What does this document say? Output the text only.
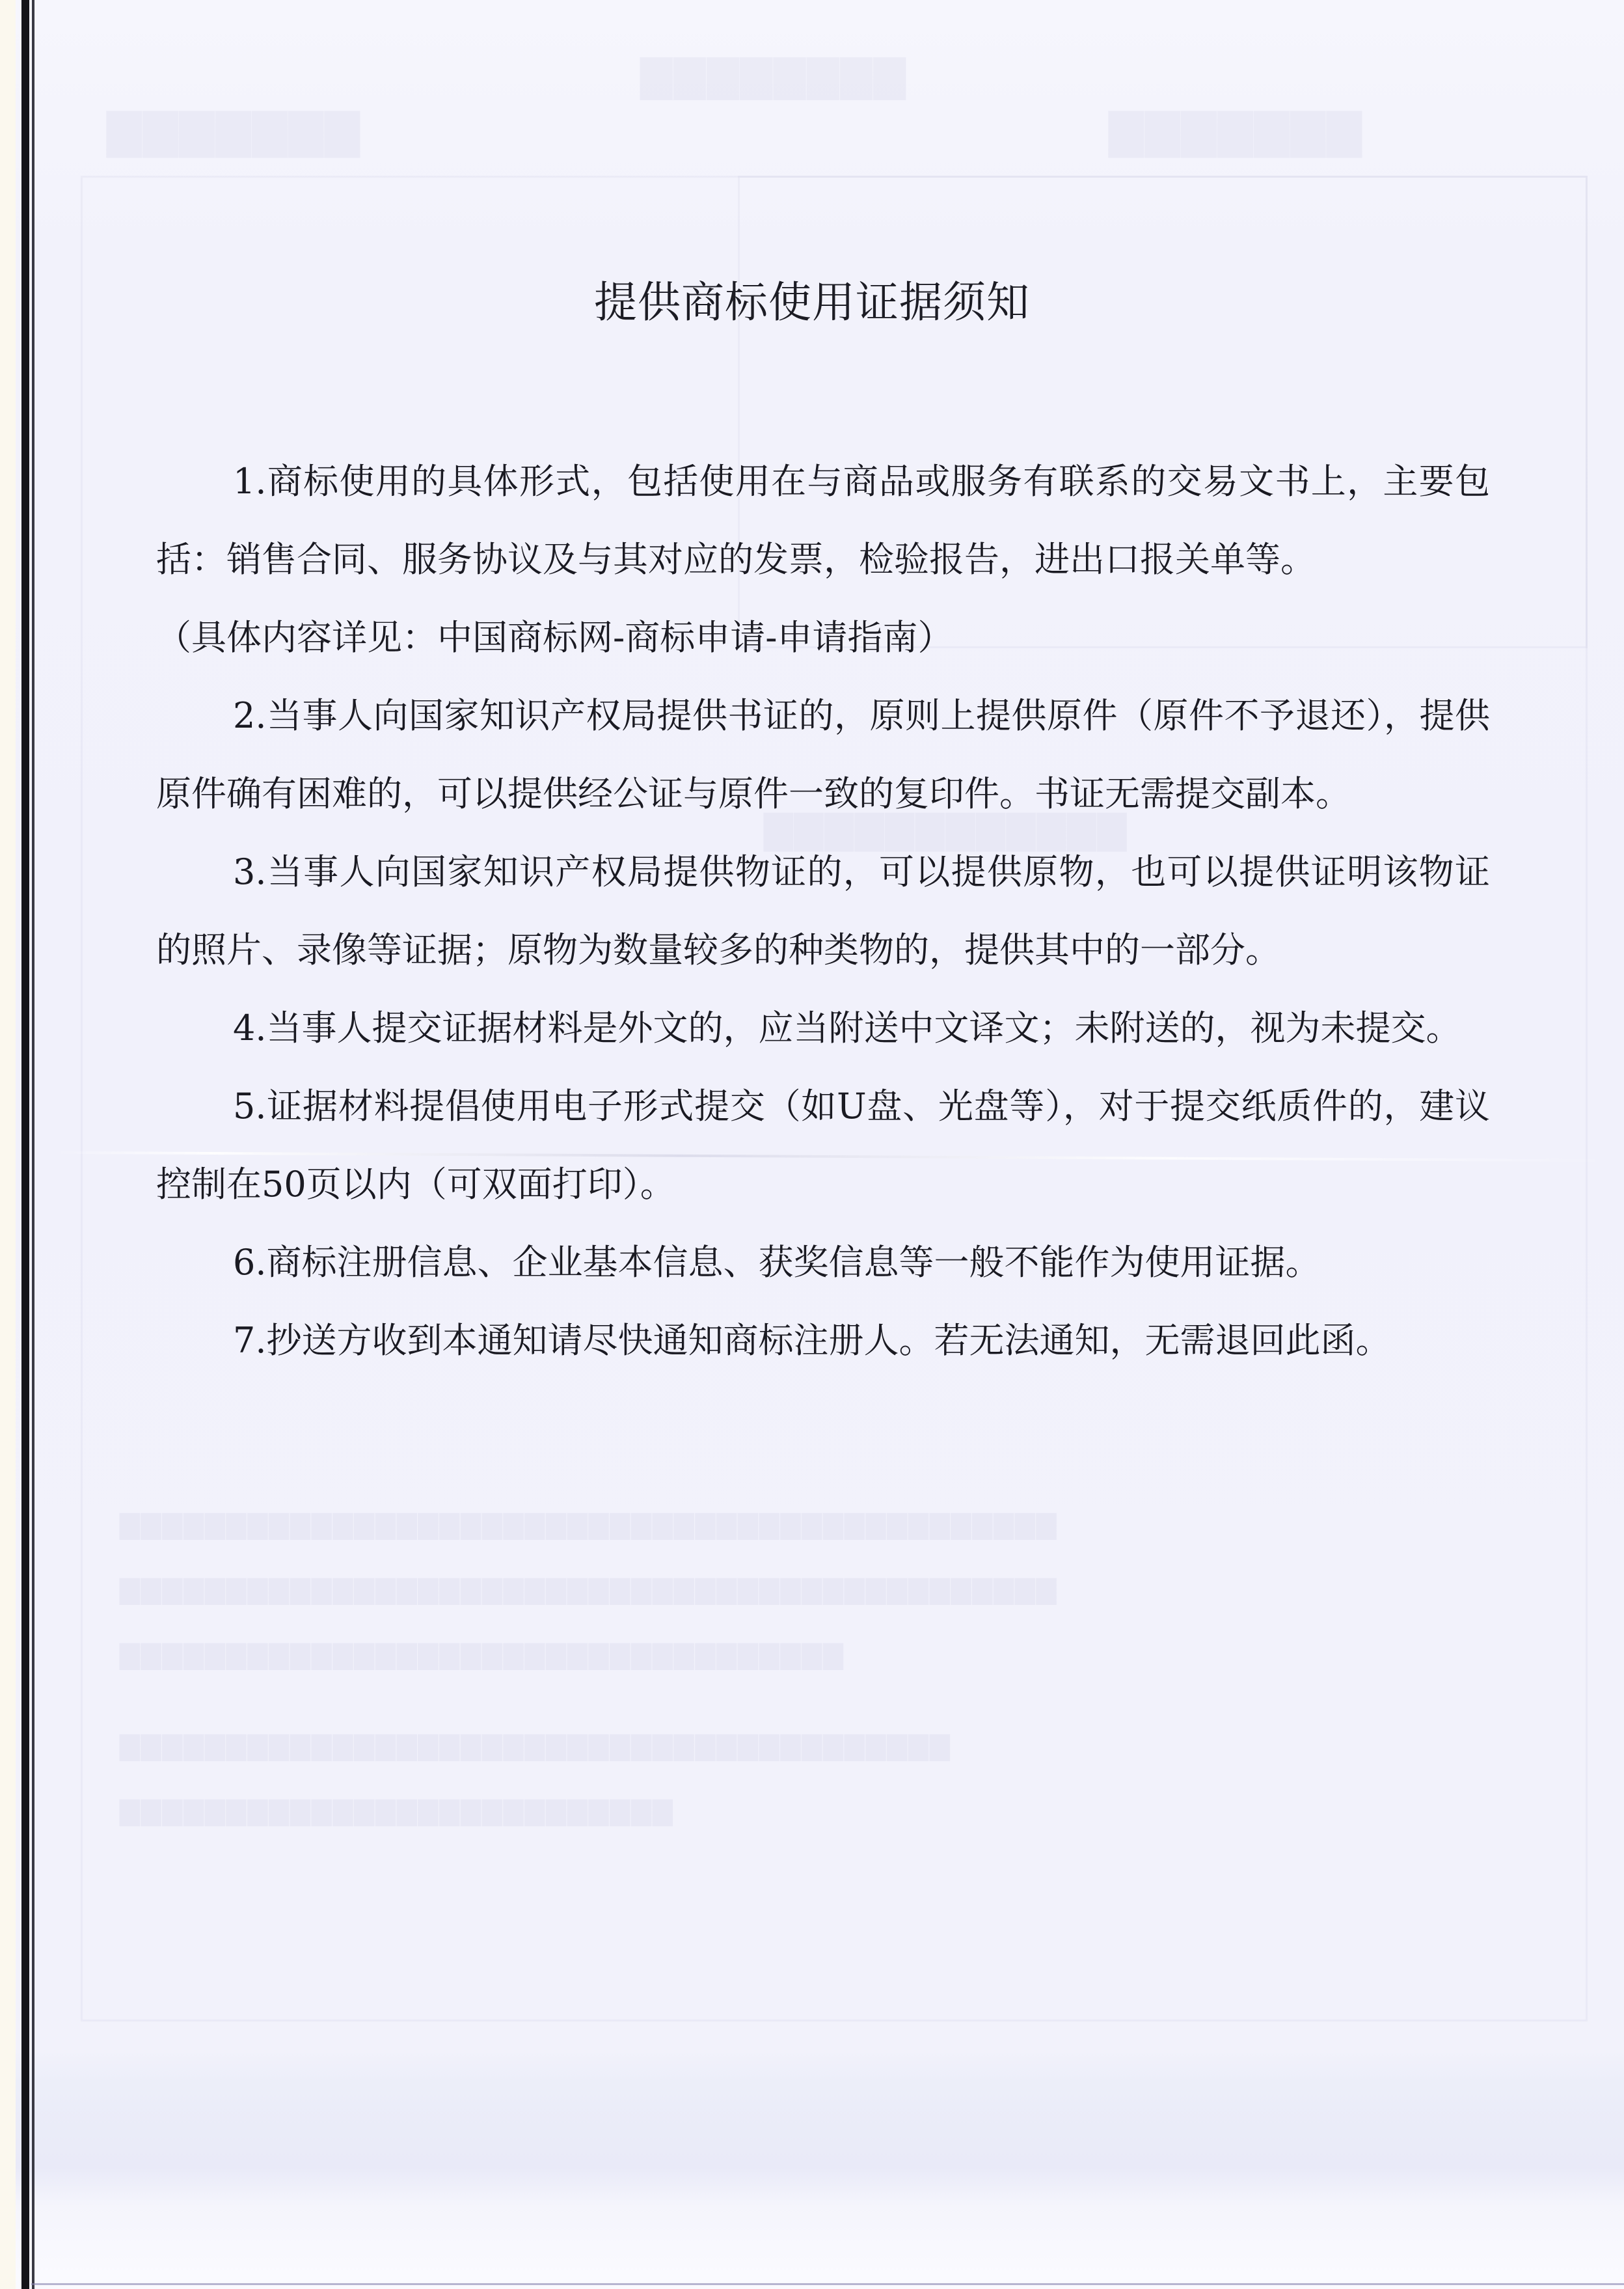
▇▇▇▇▇▇▇▇
▇▇▇▇▇▇▇	▇▇▇▇▇▇▇
▇▇▇▇▇▇▇▇▇▇▇▇
▇▇▇▇▇▇▇▇▇▇▇▇▇▇▇▇▇▇▇▇▇▇▇▇▇▇▇▇▇▇▇▇▇▇▇▇▇▇▇▇▇▇▇▇
▇▇▇▇▇▇▇▇▇▇▇▇▇▇▇▇▇▇▇▇▇▇▇▇▇▇▇▇▇▇▇▇▇▇▇▇▇▇▇▇▇▇▇▇
▇▇▇▇▇▇▇▇▇▇▇▇▇▇▇▇▇▇▇▇▇▇▇▇▇▇▇▇▇▇▇▇▇▇
▇▇▇▇▇▇▇▇▇▇▇▇▇▇▇▇▇▇▇▇▇▇▇▇▇▇▇▇▇▇▇▇▇▇▇▇▇▇▇
▇▇▇▇▇▇▇▇▇▇▇▇▇▇▇▇▇▇▇▇▇▇▇▇▇▇
提供商标使用证据须知

1.商标使用的具体形式，包括使用在与商品或服务有联系的交易文书上，主要包括：销售合同、服务协议及与其对应的发票，检验报告，进出口报关单等。

（具体内容详见：中国商标网-商标申请-申请指南）

2.当事人向国家知识产权局提供书证的，原则上提供原件（原件不予退还），提供原件确有困难的，可以提供经公证与原件一致的复印件。书证无需提交副本。

3.当事人向国家知识产权局提供物证的，可以提供原物，也可以提供证明该物证的照片、录像等证据；原物为数量较多的种类物的，提供其中的一部分。

4.当事人提交证据材料是外文的，应当附送中文译文；未附送的，视为未提交。

5.证据材料提倡使用电子形式提交（如U盘、光盘等），对于提交纸质件的，建议控制在50页以内（可双面打印）。

6.商标注册信息、企业基本信息、获奖信息等一般不能作为使用证据。

7.抄送方收到本通知请尽快通知商标注册人。若无法通知，无需退回此函。
